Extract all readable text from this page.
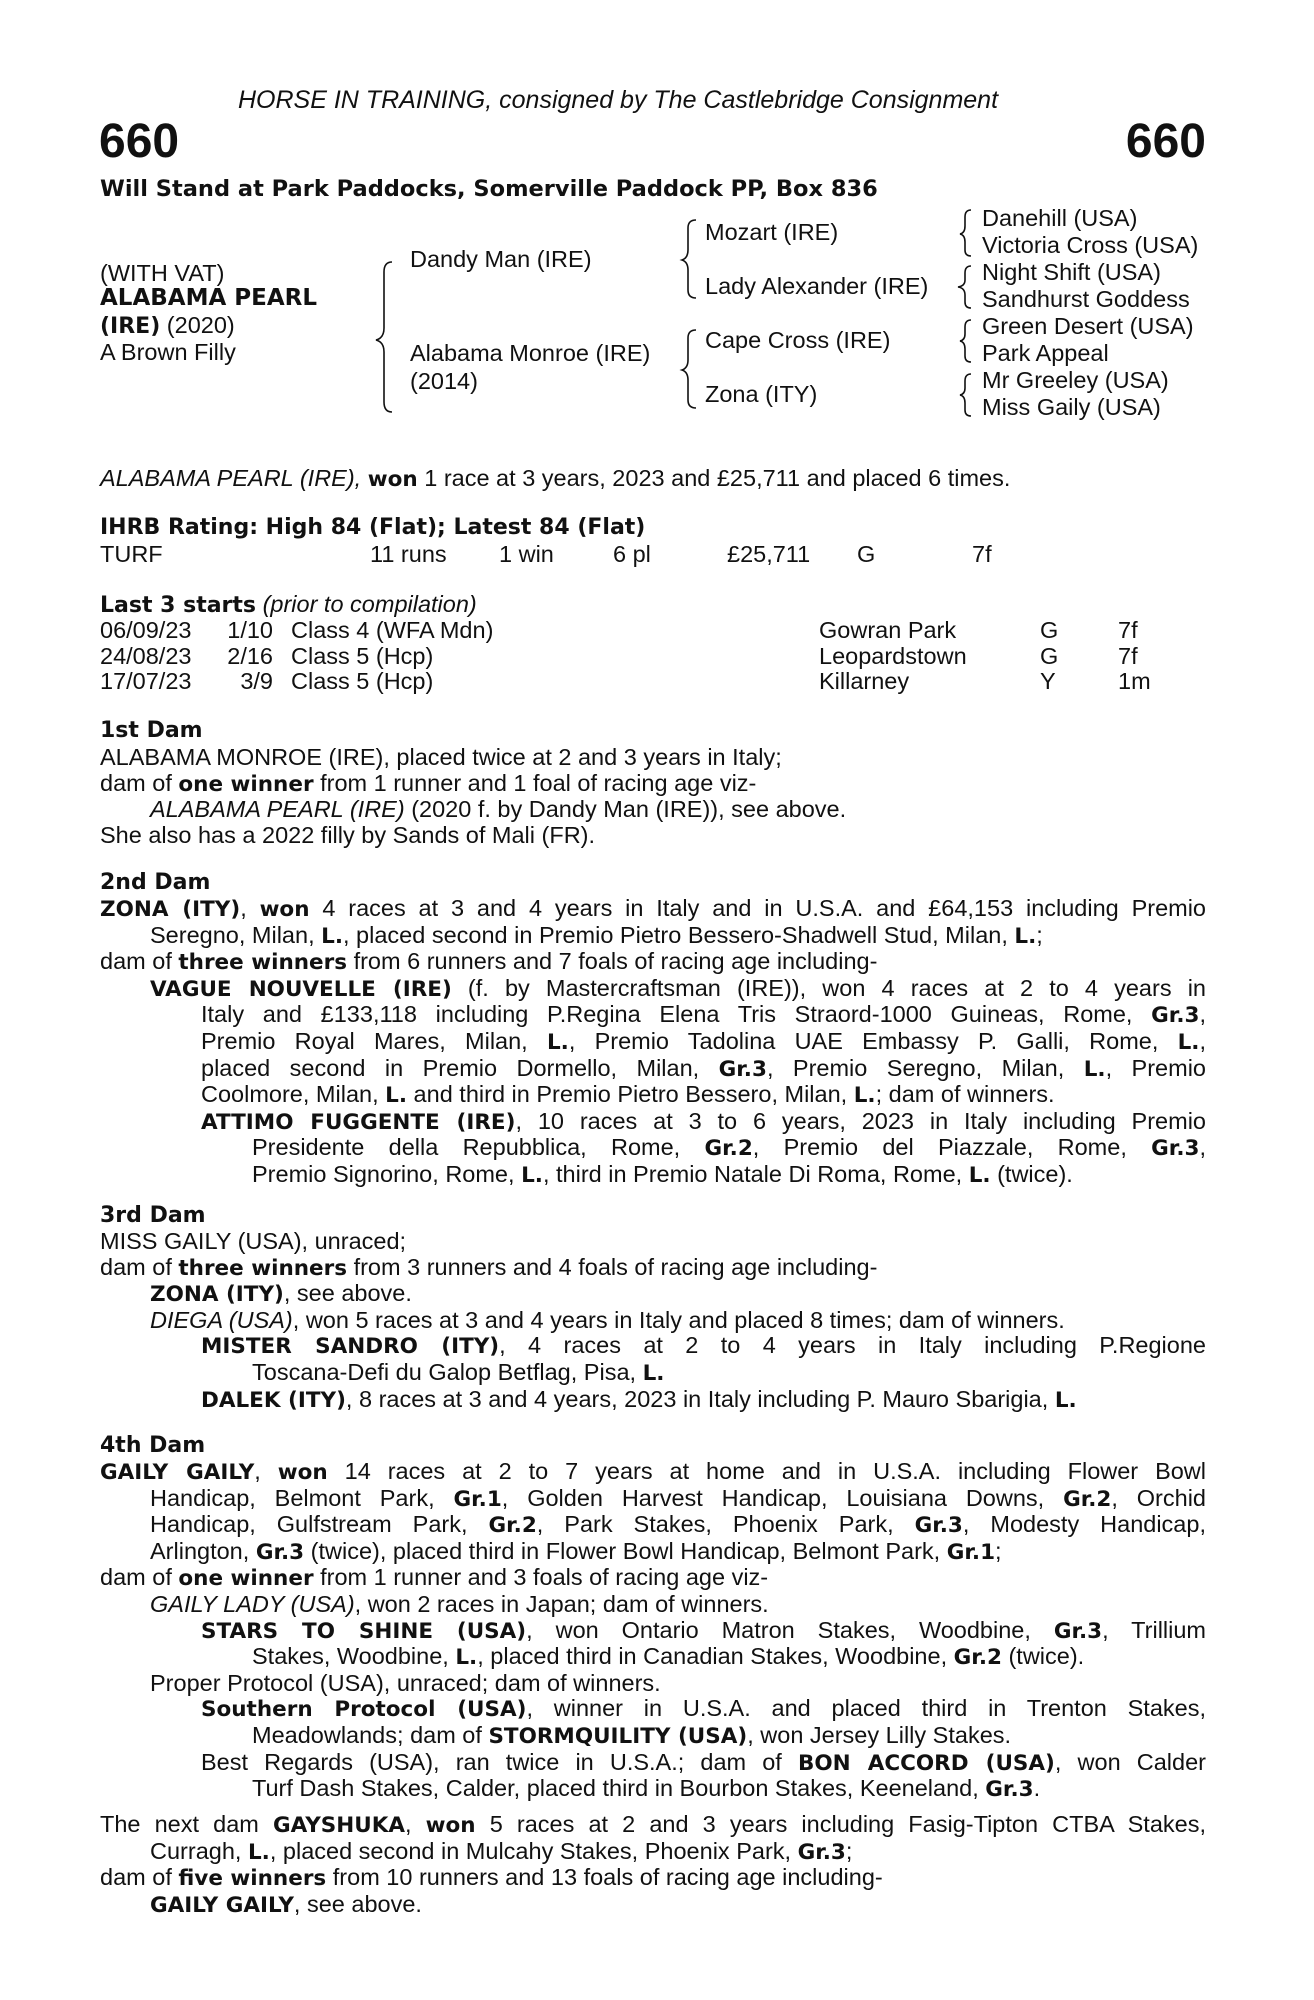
HORSE IN TRAINING, consigned by The Castlebridge Consignment
660	660
Will Stand at Park Paddocks, Somerville Paddock PP, Box 836
(WITH VAT)
ALABAMA PEARL
(IRE) (2020)
A Brown Filly
Dandy Man (IRE)
Alabama Monroe (IRE)
(2014)
Mozart (IRE)
Lady Alexander (IRE)
Cape Cross (IRE)
Zona (ITY)
Danehill (USA)
Victoria Cross (USA)
Night Shift (USA)
Sandhurst Goddess
Green Desert (USA)
Park Appeal
Mr Greeley (USA)
Miss Gaily (USA)
ALABAMA PEARL (IRE), won 1 race at 3 years, 2023 and £25,711 and placed 6 times.
IHRB Rating: High 84 (Flat); Latest 84 (Flat)
TURF	11 runs 1 win	6 pl	£25,711 G	7f
Last 3 starts (prior to compilation)
06/09/23	1/10 Class 4 (WFA Mdn)	Gowran Park	G	7f
24/08/23	2/16 Class 5 (Hcp)	Leopardstown	G	7f
17/07/23	3/9 Class 5 (Hcp)	Killarney	Y	1m
1st Dam
ALABAMA MONROE (IRE), placed twice at 2 and 3 years in Italy;
dam of one winner from 1 runner and 1 foal of racing age viz-
ALABAMA PEARL (IRE) (2020 f. by Dandy Man (IRE)), see above.
She also has a 2022 filly by Sands of Mali (FR).
2nd Dam
ZONA (ITY), won 4 races at 3 and 4 years in Italy and in U.S.A. and £64,153 including Premio
Seregno, Milan, L., placed second in Premio Pietro Bessero-Shadwell Stud, Milan, L.;
dam of three winners from 6 runners and 7 foals of racing age including-
VAGUE NOUVELLE (IRE) (f. by Mastercraftsman (IRE)), won 4 races at 2 to 4 years in
Italy and £133,118 including P.Regina Elena Tris Straord-1000 Guineas, Rome, Gr.3,
Premio Royal Mares, Milan, L., Premio Tadolina UAE Embassy P. Galli, Rome, L.,
placed second in Premio Dormello, Milan, Gr.3, Premio Seregno, Milan, L., Premio
Coolmore, Milan, L. and third in Premio Pietro Bessero, Milan, L.; dam of winners.
ATTIMO FUGGENTE (IRE), 10 races at 3 to 6 years, 2023 in Italy including Premio
Presidente della Repubblica, Rome, Gr.2, Premio del Piazzale, Rome, Gr.3,
Premio Signorino, Rome, L., third in Premio Natale Di Roma, Rome, L. (twice).
3rd Dam
MISS GAILY (USA), unraced;
dam of three winners from 3 runners and 4 foals of racing age including-
ZONA (ITY), see above.
DIEGA (USA), won 5 races at 3 and 4 years in Italy and placed 8 times; dam of winners.
MISTER SANDRO (ITY), 4 races at 2 to 4 years in Italy including P.Regione
Toscana-Defi du Galop Betflag, Pisa, L.
DALEK (ITY), 8 races at 3 and 4 years, 2023 in Italy including P. Mauro Sbarigia, L.
4th Dam
GAILY GAILY, won 14 races at 2 to 7 years at home and in U.S.A. including Flower Bowl
Handicap, Belmont Park, Gr.1, Golden Harvest Handicap, Louisiana Downs, Gr.2, Orchid
Handicap, Gulfstream Park, Gr.2, Park Stakes, Phoenix Park, Gr.3, Modesty Handicap,
Arlington, Gr.3 (twice), placed third in Flower Bowl Handicap, Belmont Park, Gr.1;
dam of one winner from 1 runner and 3 foals of racing age viz-
GAILY LADY (USA), won 2 races in Japan; dam of winners.
STARS TO SHINE (USA), won Ontario Matron Stakes, Woodbine, Gr.3, Trillium
Stakes, Woodbine, L., placed third in Canadian Stakes, Woodbine, Gr.2 (twice).
Proper Protocol (USA), unraced; dam of winners.
Southern Protocol (USA), winner in U.S.A. and placed third in Trenton Stakes,
Meadowlands; dam of STORMQUILITY (USA), won Jersey Lilly Stakes.
Best Regards (USA), ran twice in U.S.A.; dam of BON ACCORD (USA), won Calder
Turf Dash Stakes, Calder, placed third in Bourbon Stakes, Keeneland, Gr.3.
The next dam GAYSHUKA, won 5 races at 2 and 3 years including Fasig-Tipton CTBA Stakes,
Curragh, L., placed second in Mulcahy Stakes, Phoenix Park, Gr.3;
dam of five winners from 10 runners and 13 foals of racing age including-
GAILY GAILY, see above.
